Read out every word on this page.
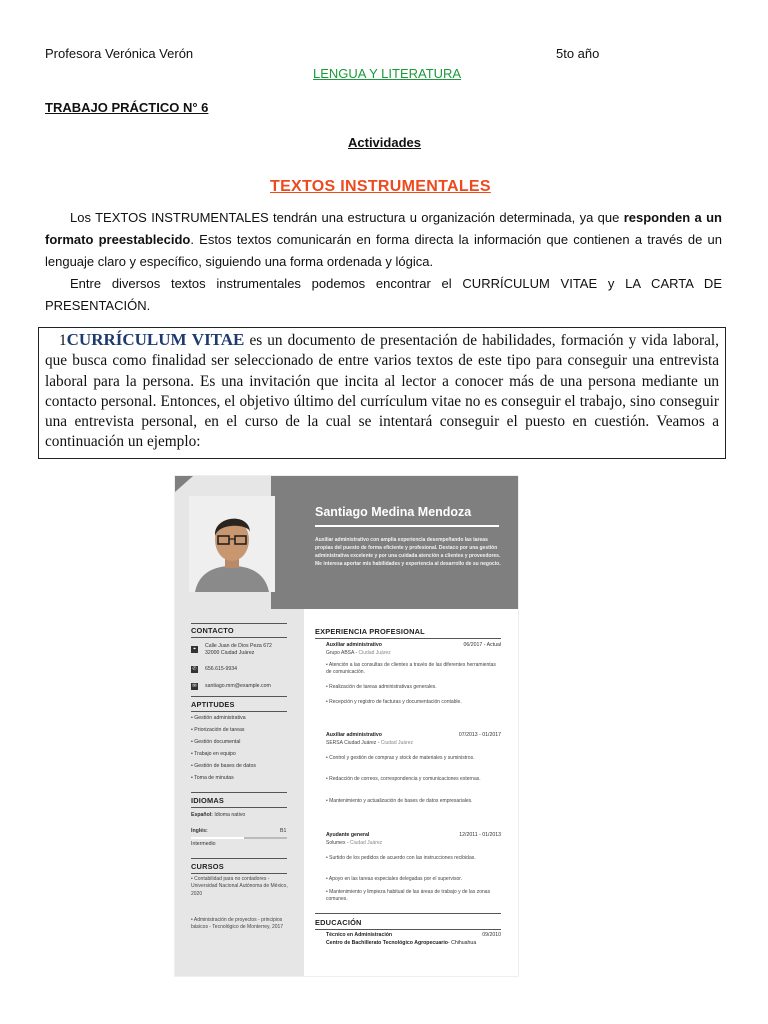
Profesora Verónica Verón	5to año
LENGUA Y LITERATURA
TRABAJO PRÁCTICO N° 6
Actividades
TEXTOS INSTRUMENTALES

Los TEXTOS INSTRUMENTALES tendrán una estructura u organización determinada, ya que responden a un formato preestablecido. Estos textos comunicarán en forma directa la información que contienen a través de un lenguaje claro y específico, siguiendo una forma ordenada y lógica.

Entre diversos textos instrumentales podemos encontrar el CURRÍCULUM VITAE y LA CARTA DE PRESENTACIÓN.

1CURRÍCULUM VITAE es un documento de presentación de habilidades, formación y vida laboral, que busca como finalidad ser seleccionado de entre varios textos de este tipo para conseguir una entrevista laboral para la persona. Es una invitación que incita al lector a conocer más de una persona mediante un contacto personal. Entonces, el objetivo último del currículum vitae no es conseguir el trabajo, sino conseguir una entrevista personal, en el curso de la cual se intentará conseguir el puesto en cuestión. Veamos a continuación un ejemplo:
Santiago Medina Mendoza
Auxiliar administrativo con amplia experiencia desempeñando las tareas propias del puesto de forma eficiente y profesional. Destaco por una gestión administrativa excelente y por una cuidada atención a clientes y proveedores. Me interesa aportar mis habilidades y experiencia al desarrollo de su negocio.
CONTACTO
⌖	Calle Juan de Dios Peza 672
32000 Ciudad Juárez
✆ 656.615-9934
✉ santiago.mm@example.com
APTITUDES
• Gestión administrativa
• Priorización de tareas
• Gestión documental
• Trabajo en equipo
• Gestión de bases de datos
• Toma de minutas
IDIOMAS
Español: Idioma nativo
Inglés:	B1
Intermedio
CURSOS
• Contabilidad para no contadores - Universidad Nacional Autónoma de México, 2020
• Administración de proyectos - principios básicos - Tecnológico de Monterrey, 2017
EXPERIENCIA PROFESIONAL
Auxiliar administrativo	06/2017 - Actual
Grupo ABSA - Ciudad Juárez
• Atención a las consultas de clientes a través de las diferentes herramientas de comunicación.
• Realización de tareas administrativas generales.
• Recepción y registro de facturas y documentación contable.
Auxiliar administrativo	07/2013 - 01/2017
SERSA Ciudad Juárez - Ciudad Juárez
• Control y gestión de compras y stock de materiales y suministros.
• Redacción de correos, correspondencia y comunicaciones externas.
• Mantenimiento y actualización de bases de datos empresariales.
Ayudante general	12/2011 - 01/2013
Solumex - Ciudad Juárez
• Surtido de los pedidos de acuerdo con las instrucciones recibidas.
• Apoyo en las tareas especiales delegadas por el supervisor.
• Mantenimiento y limpieza habitual de las áreas de trabajo y de las zonas comunes.
EDUCACIÓN
Técnico en Administración	09/2010
Centro de Bachillerato Tecnológico Agropecuario- Chihuahua
